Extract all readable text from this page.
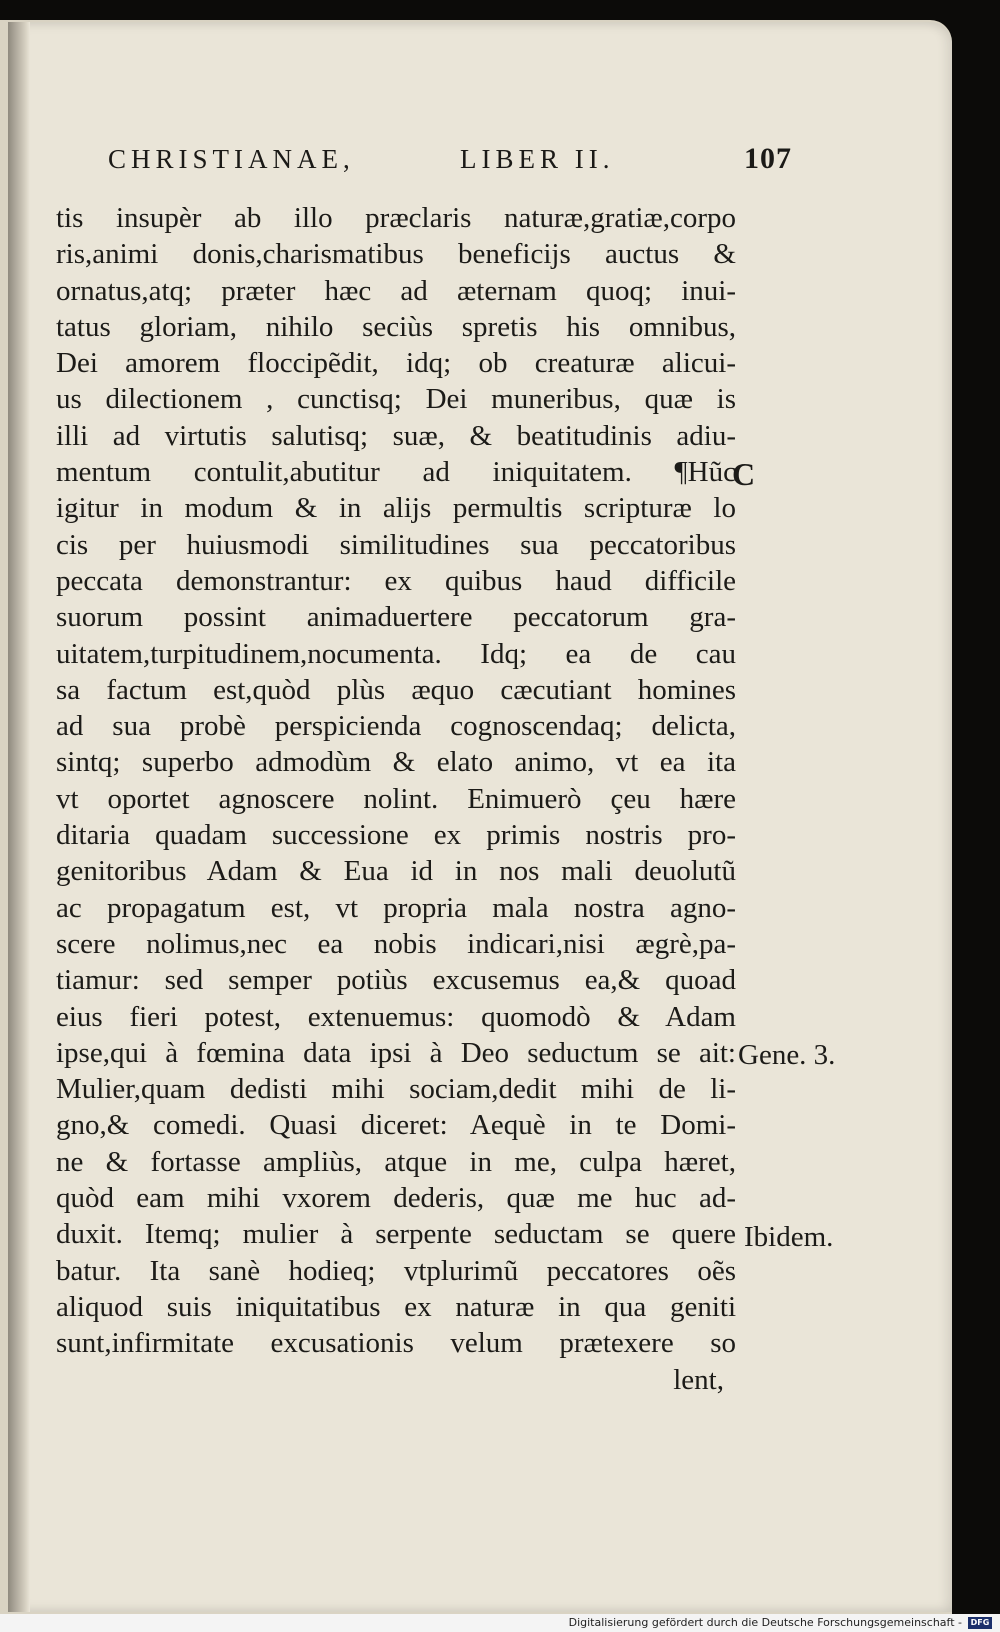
CHRISTIANAE,	LIBER II.	107
tis insupèr ab illo præclaris naturæ,gratiæ,corpo
ris,animi donis,charismatibus beneficijs auctus &
ornatus,atq; præter hæc ad æternam quoq; inui-
tatus gloriam, nihilo seciùs spretis his omnibus,
Dei amorem floccipẽdit, idq; ob creaturæ alicui-
us dilectionem , cunctisq; Dei muneribus, quæ is
illi ad virtutis salutisq; suæ, & beatitudinis adiu-
mentum contulit,abutitur ad iniquitatem. ¶Hũc
igitur in modum & in alijs permultis scripturæ lo
cis per huiusmodi similitudines sua peccatoribus
peccata demonstrantur: ex quibus haud difficile
suorum possint animaduertere peccatorum gra-
uitatem,turpitudinem,nocumenta. Idq; ea de cau
sa factum est,quòd plùs æquo cæcutiant homines
ad sua probè perspicienda cognoscendaq; delicta,
sintq; superbo admodùm & elato animo, vt ea ita
vt oportet agnoscere nolint. Enimuerò çeu hære
ditaria quadam successione ex primis nostris pro-
genitoribus Adam & Eua id in nos mali deuolutũ
ac propagatum est, vt propria mala nostra agno-
scere nolimus,nec ea nobis indicari,nisi ægrè,pa-
tiamur: sed semper potiùs excusemus ea,& quoad
eius fieri potest, extenuemus: quomodò & Adam
ipse,qui à fœmina data ipsi à Deo seductum se ait:
Mulier,quam dedisti mihi sociam,dedit mihi de li-
gno,& comedi. Quasi diceret: Aequè in te Domi-
ne & fortasse ampliùs, atque in me, culpa hæret,
quòd eam mihi vxorem dederis, quæ me huc ad-
duxit. Itemq; mulier à serpente seductam se quere
batur. Ita sanè hodieq; vtplurimũ peccatores oẽs
aliquod suis iniquitatibus ex naturæ in qua geniti
sunt,infirmitate excusationis velum prætexere so
lent,
C
Gene. 3.
Ibidem.
Digitalisierung gefördert durch die Deutsche Forschungsgemeinschaft -	DFG
